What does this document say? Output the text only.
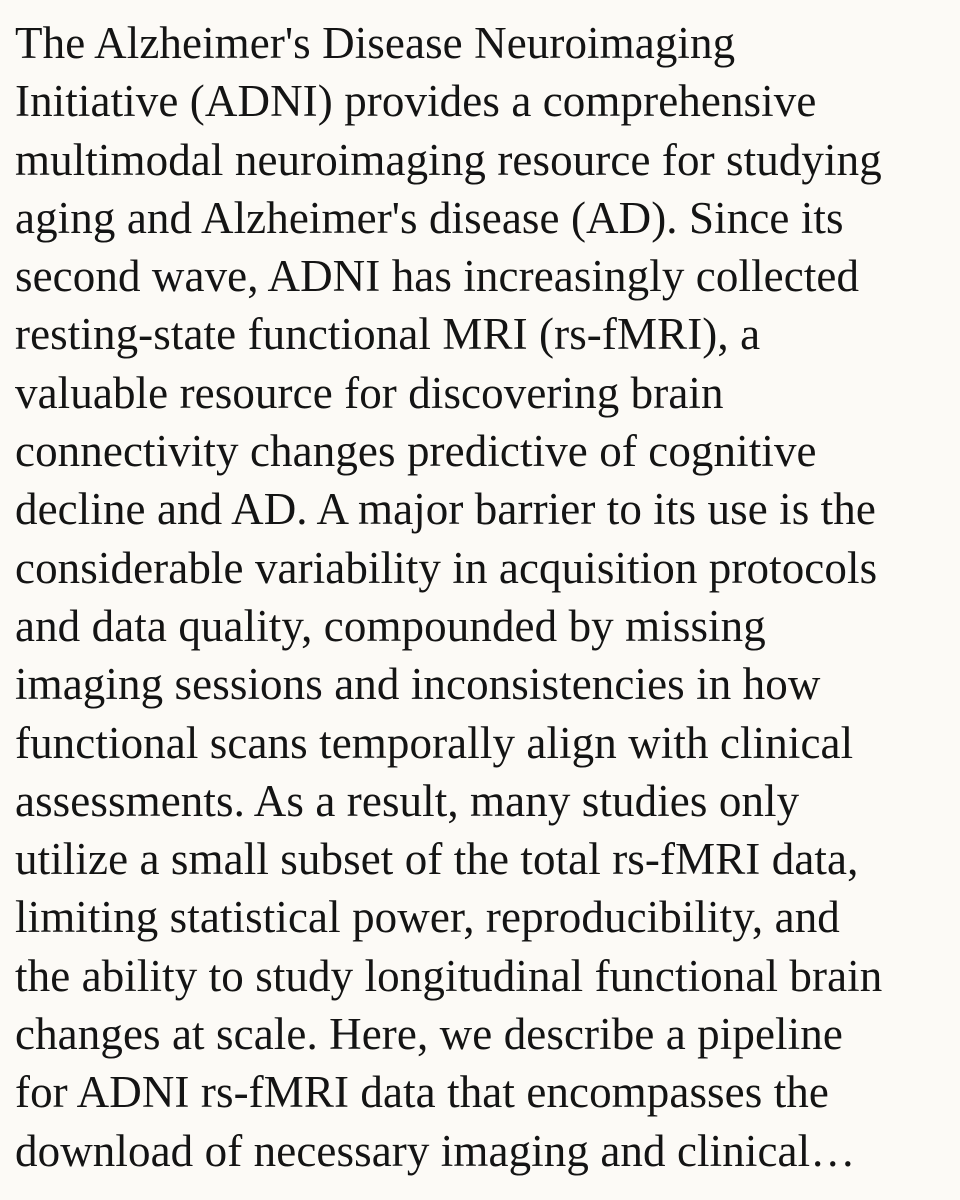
The Alzheimer's Disease Neuroimaging
Initiative (ADNI) provides a comprehensive
multimodal neuroimaging resource for studying
aging and Alzheimer's disease (AD). Since its
second wave, ADNI has increasingly collected
resting-state functional MRI (rs-fMRI), a
valuable resource for discovering brain
connectivity changes predictive of cognitive
decline and AD. A major barrier to its use is the
considerable variability in acquisition protocols
and data quality, compounded by missing
imaging sessions and inconsistencies in how
functional scans temporally align with clinical
assessments. As a result, many studies only
utilize a small subset of the total rs-fMRI data,
limiting statistical power, reproducibility, and
the ability to study longitudinal functional brain
changes at scale. Here, we describe a pipeline
for ADNI rs-fMRI data that encompasses the
download of necessary imaging and clinical…
